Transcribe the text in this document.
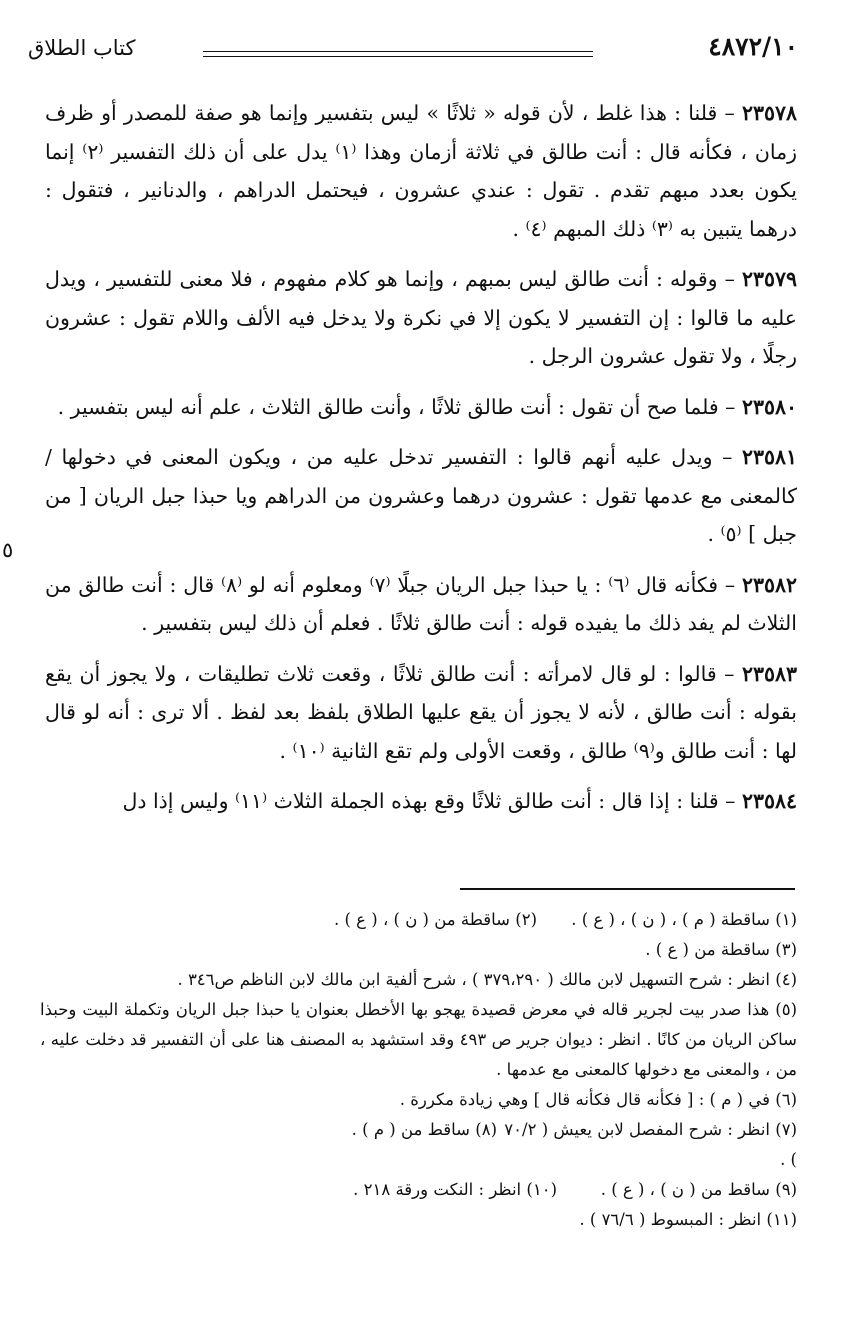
٤٨٧٢/١٠
كتاب الطلاق
٥

٢٣٥٧٨ – قلنا : هذا غلط ، لأن قوله « ثلاثًا » ليس بتفسير وإنما هو صفة للمصدر أو ظرف زمان ، فكأنه قال : أنت طالق في ثلاثة أزمان وهذا ⁽١⁾ يدل على أن ذلك التفسير ⁽٢⁾ إنما يكون بعدد مبهم تقدم . تقول : عندي عشرون ، فيحتمل الدراهم ، والدنانير ، فتقول : درهما يتبين به ⁽٣⁾ ذلك المبهم ⁽٤⁾ .

٢٣٥٧٩ – وقوله : أنت طالق ليس بمبهم ، وإنما هو كلام مفهوم ، فلا معنى للتفسير ، ويدل عليه ما قالوا : إن التفسير لا يكون إلا في نكرة ولا يدخل فيه الألف واللام تقول : عشرون رجلًا ، ولا تقول عشرون الرجل .

٢٣٥٨٠ – فلما صح أن تقول : أنت طالق ثلاثًا ، وأنت طالق الثلاث ، علم أنه ليس بتفسير .

٢٣٥٨١ – ويدل عليه أنهم قالوا : التفسير تدخل عليه من ، ويكون المعنى في دخولها / كالمعنى مع عدمها تقول : عشرون درهما وعشرون من الدراهم ويا حبذا جبل الريان [ من جبل ] ⁽٥⁾ .

٢٣٥٨٢ – فكأنه قال ⁽٦⁾ : يا حبذا جبل الريان جبلًا ⁽٧⁾ ومعلوم أنه لو ⁽٨⁾ قال : أنت طالق من الثلاث لم يفد ذلك ما يفيده قوله : أنت طالق ثلاثًا . فعلم أن ذلك ليس بتفسير .

٢٣٥٨٣ – قالوا : لو قال لامرأته : أنت طالق ثلاثًا ، وقعت ثلاث تطليقات ، ولا يجوز أن يقع بقوله : أنت طالق ، لأنه لا يجوز أن يقع عليها الطلاق بلفظ بعد لفظ . ألا ترى : أنه لو قال لها : أنت طالق و⁽٩⁾ طالق ، وقعت الأولى ولم تقع الثانية ⁽١٠⁾ .

٢٣٥٨٤ – قلنا : إذا قال : أنت طالق ثلاثًا وقع بهذه الجملة الثلاث ⁽١١⁾ وليس إذا دل

(١) ساقطة ( م ) ، ( ن ) ، ( ع ) .
(٢) ساقطة من ( ن ) ، ( ع ) .
(٣) ساقطة من ( ع ) .
(٤) انظر : شرح التسهيل لابن مالك ( ٣٧٩،٢٩٠ ) ، شرح ألفية ابن مالك لابن الناظم ص٣٤٦ .
(٥) هذا صدر بيت لجرير قاله في معرض قصيدة يهجو بها الأخطل بعنوان يا حبذا جبل الريان وتكملة البيت وحبذا ساكن الريان من كانًا . انظر : ديوان جرير ص ٤٩٣ وقد استشهد به المصنف هنا على أن التفسير قد دخلت عليه ، من ، والمعنى مع دخولها كالمعنى مع عدمها .
(٦) في ( م ) : [ فكأنه قال فكأنه قال ] وهي زيادة مكررة .
(٧) انظر : شرح المفصل لابن يعيش ( ٧٠/٢ ) .
(٨) ساقط من ( م ) .
(٩) ساقط من ( ن ) ، ( ع ) .
(١٠) انظر : النكت ورقة ٢١٨ .
(١١) انظر : المبسوط ( ٧٦/٦ ) .
